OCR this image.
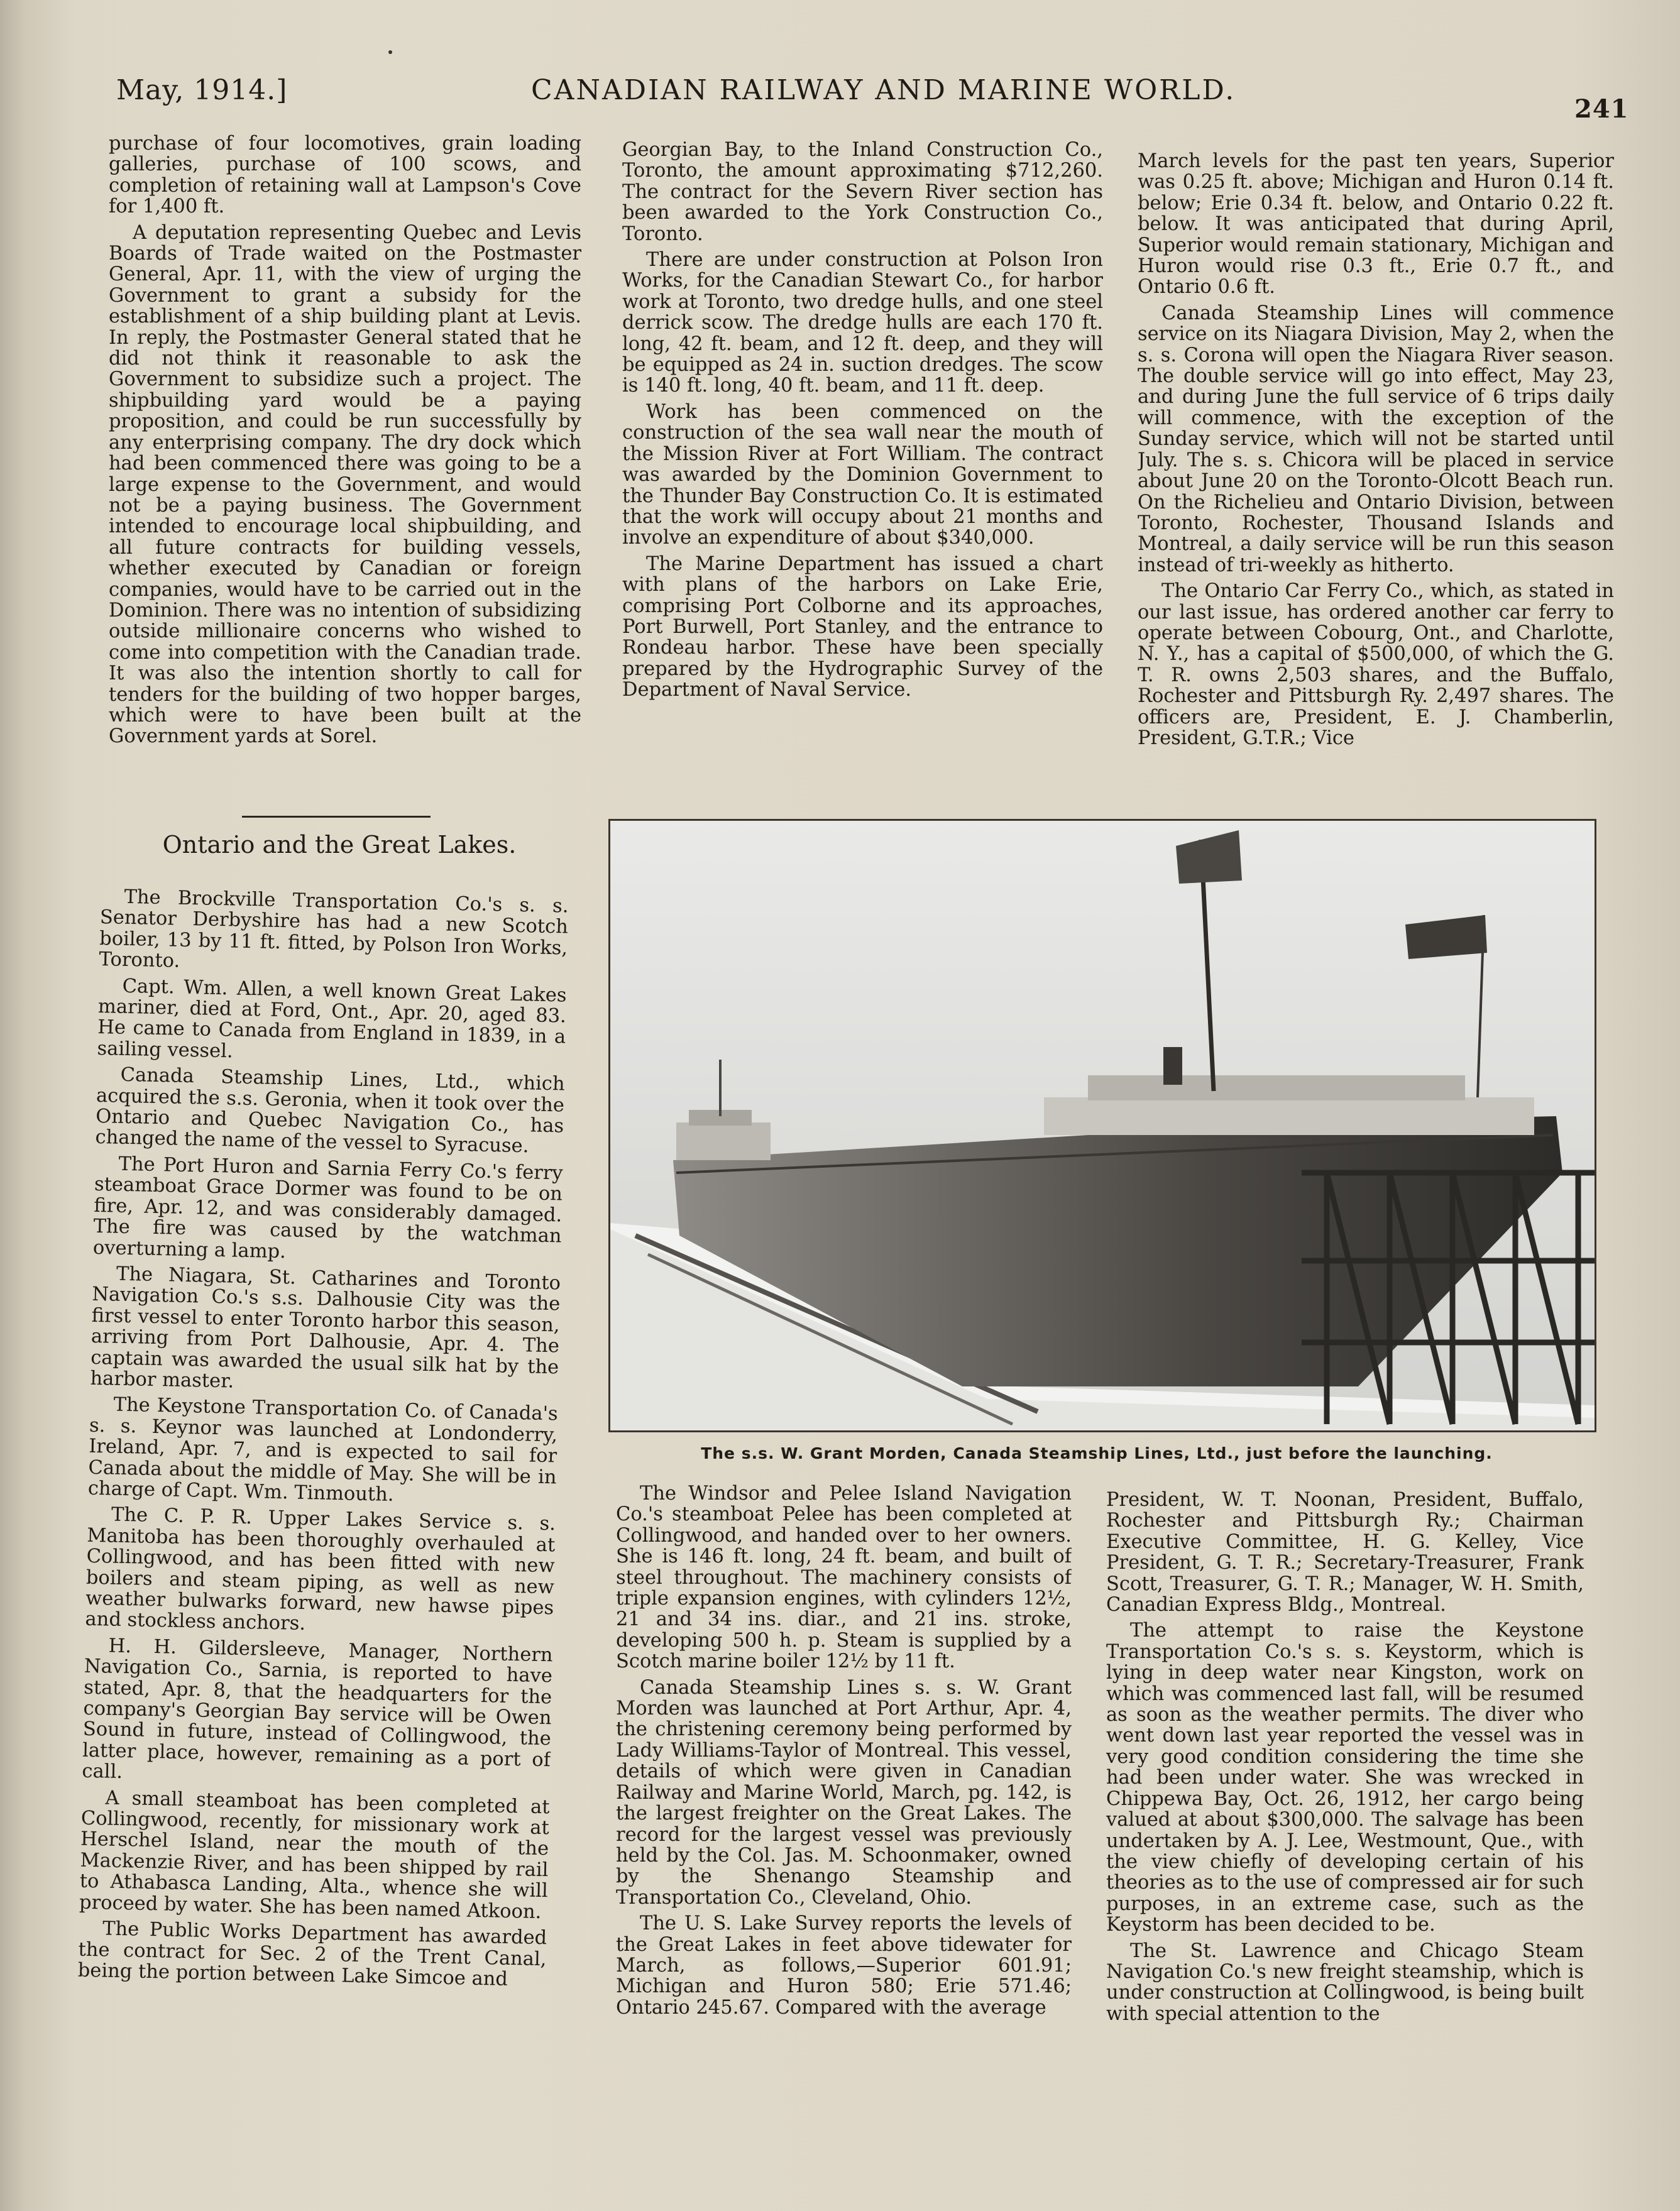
May, 1914.]	CANADIAN RAILWAY AND MARINE WORLD.
241

purchase of four locomotives, grain loading galleries, purchase of 100 scows, and completion of retaining wall at Lampson's Cove for 1,400 ft.

A deputation representing Quebec and Levis Boards of Trade waited on the Postmaster General, Apr. 11, with the view of urging the Government to grant a subsidy for the establishment of a ship building plant at Levis. In reply, the Postmaster General stated that he did not think it reasonable to ask the Government to subsidize such a project. The shipbuilding yard would be a paying proposition, and could be run successfully by any enterprising company. The dry dock which had been commenced there was going to be a large expense to the Government, and would not be a paying business. The Government intended to encourage local shipbuilding, and all future contracts for building vessels, whether executed by Canadian or foreign companies, would have to be carried out in the Dominion. There was no intention of subsidizing outside millionaire concerns who wished to come into competition with the Canadian trade. It was also the intention shortly to call for tenders for the building of two hopper barges, which were to have been built at the Government yards at Sorel.

Ontario and the Great Lakes.

The Brockville Transportation Co.'s s. s. Senator Derbyshire has had a new Scotch boiler, 13 by 11 ft. fitted, by Polson Iron Works, Toronto.

Capt. Wm. Allen, a well known Great Lakes mariner, died at Ford, Ont., Apr. 20, aged 83. He came to Canada from England in 1839, in a sailing vessel.

Canada Steamship Lines, Ltd., which acquired the s.s. Geronia, when it took over the Ontario and Quebec Navigation Co., has changed the name of the vessel to Syracuse.

The Port Huron and Sarnia Ferry Co.'s ferry steamboat Grace Dormer was found to be on fire, Apr. 12, and was considerably damaged. The fire was caused by the watchman overturning a lamp.

The Niagara, St. Catharines and Toronto Navigation Co.'s s.s. Dalhousie City was the first vessel to enter Toronto harbor this season, arriving from Port Dalhousie, Apr. 4. The captain was awarded the usual silk hat by the harbor master.

The Keystone Transportation Co. of Canada's s. s. Keynor was launched at Londonderry, Ireland, Apr. 7, and is expected to sail for Canada about the middle of May. She will be in charge of Capt. Wm. Tinmouth.

The C. P. R. Upper Lakes Service s. s. Manitoba has been thoroughly overhauled at Collingwood, and has been fitted with new boilers and steam piping, as well as new weather bulwarks forward, new hawse pipes and stockless anchors.

H. H. Gildersleeve, Manager, Northern Navigation Co., Sarnia, is reported to have stated, Apr. 8, that the headquarters for the company's Georgian Bay service will be Owen Sound in future, instead of Collingwood, the latter place, however, remaining as a port of call.

A small steamboat has been completed at Collingwood, recently, for missionary work at Herschel Island, near the mouth of the Mackenzie River, and has been shipped by rail to Athabasca Landing, Alta., whence she will proceed by water. She has been named Atkoon.

The Public Works Department has awarded the contract for Sec. 2 of the Trent Canal, being the portion between Lake Simcoe and

Georgian Bay, to the Inland Construction Co., Toronto, the amount approximating $712,260. The contract for the Severn River section has been awarded to the York Construction Co., Toronto.

There are under construction at Polson Iron Works, for the Canadian Stewart Co., for harbor work at Toronto, two dredge hulls, and one steel derrick scow. The dredge hulls are each 170 ft. long, 42 ft. beam, and 12 ft. deep, and they will be equipped as 24 in. suction dredges. The scow is 140 ft. long, 40 ft. beam, and 11 ft. deep.

Work has been commenced on the construction of the sea wall near the mouth of the Mission River at Fort William. The contract was awarded by the Dominion Government to the Thunder Bay Construction Co. It is estimated that the work will occupy about 21 months and involve an expenditure of about $340,000.

The Marine Department has issued a chart with plans of the harbors on Lake Erie, comprising Port Colborne and its approaches, Port Burwell, Port Stanley, and the entrance to Rondeau harbor. These have been specially prepared by the Hydrographic Survey of the Department of Naval Service.

March levels for the past ten years, Superior was 0.25 ft. above; Michigan and Huron 0.14 ft. below; Erie 0.34 ft. below, and Ontario 0.22 ft. below. It was anticipated that during April, Superior would remain stationary, Michigan and Huron would rise 0.3 ft., Erie 0.7 ft., and Ontario 0.6 ft.

Canada Steamship Lines will commence service on its Niagara Division, May 2, when the s. s. Corona will open the Niagara River season. The double service will go into effect, May 23, and during June the full service of 6 trips daily will commence, with the exception of the Sunday service, which will not be started until July. The s. s. Chicora will be placed in service about June 20 on the Toronto-Olcott Beach run. On the Richelieu and Ontario Division, between Toronto, Rochester, Thousand Islands and Montreal, a daily service will be run this season instead of tri-weekly as hitherto.

The Ontario Car Ferry Co., which, as stated in our last issue, has ordered another car ferry to operate between Cobourg, Ont., and Charlotte, N. Y., has a capital of $500,000, of which the G. T. R. owns 2,503 shares, and the Buffalo, Rochester and Pittsburgh Ry. 2,497 shares. The officers are, President, E. J. Chamberlin, President, G.T.R.; Vice

The s.s. W. Grant Morden, Canada Steamship Lines, Ltd., just before the launching.

The Windsor and Pelee Island Navigation Co.'s steamboat Pelee has been completed at Collingwood, and handed over to her owners. She is 146 ft. long, 24 ft. beam, and built of steel throughout. The machinery consists of triple expansion engines, with cylinders 12½, 21 and 34 ins. diar., and 21 ins. stroke, developing 500 h. p. Steam is supplied by a Scotch marine boiler 12½ by 11 ft.

Canada Steamship Lines s. s. W. Grant Morden was launched at Port Arthur, Apr. 4, the christening ceremony being performed by Lady Williams-Taylor of Montreal. This vessel, details of which were given in Canadian Railway and Marine World, March, pg. 142, is the largest freighter on the Great Lakes. The record for the largest vessel was previously held by the Col. Jas. M. Schoonmaker, owned by the Shenango Steamship and Transportation Co., Cleveland, Ohio.

The U. S. Lake Survey reports the levels of the Great Lakes in feet above tidewater for March, as follows,—Superior 601.91; Michigan and Huron 580; Erie 571.46; Ontario 245.67. Compared with the average

President, W. T. Noonan, President, Buffalo, Rochester and Pittsburgh Ry.; Chairman Executive Committee, H. G. Kelley, Vice President, G. T. R.; Secretary-Treasurer, Frank Scott, Treasurer, G. T. R.; Manager, W. H. Smith, Canadian Express Bldg., Montreal.

The attempt to raise the Keystone Transportation Co.'s s. s. Keystorm, which is lying in deep water near Kingston, work on which was commenced last fall, will be resumed as soon as the weather permits. The diver who went down last year reported the vessel was in very good condition considering the time she had been under water. She was wrecked in Chippewa Bay, Oct. 26, 1912, her cargo being valued at about $300,000. The salvage has been undertaken by A. J. Lee, Westmount, Que., with the view chiefly of developing certain of his theories as to the use of compressed air for such purposes, in an extreme case, such as the Keystorm has been decided to be.

The St. Lawrence and Chicago Steam Navigation Co.'s new freight steamship, which is under construction at Collingwood, is being built with special attention to the
